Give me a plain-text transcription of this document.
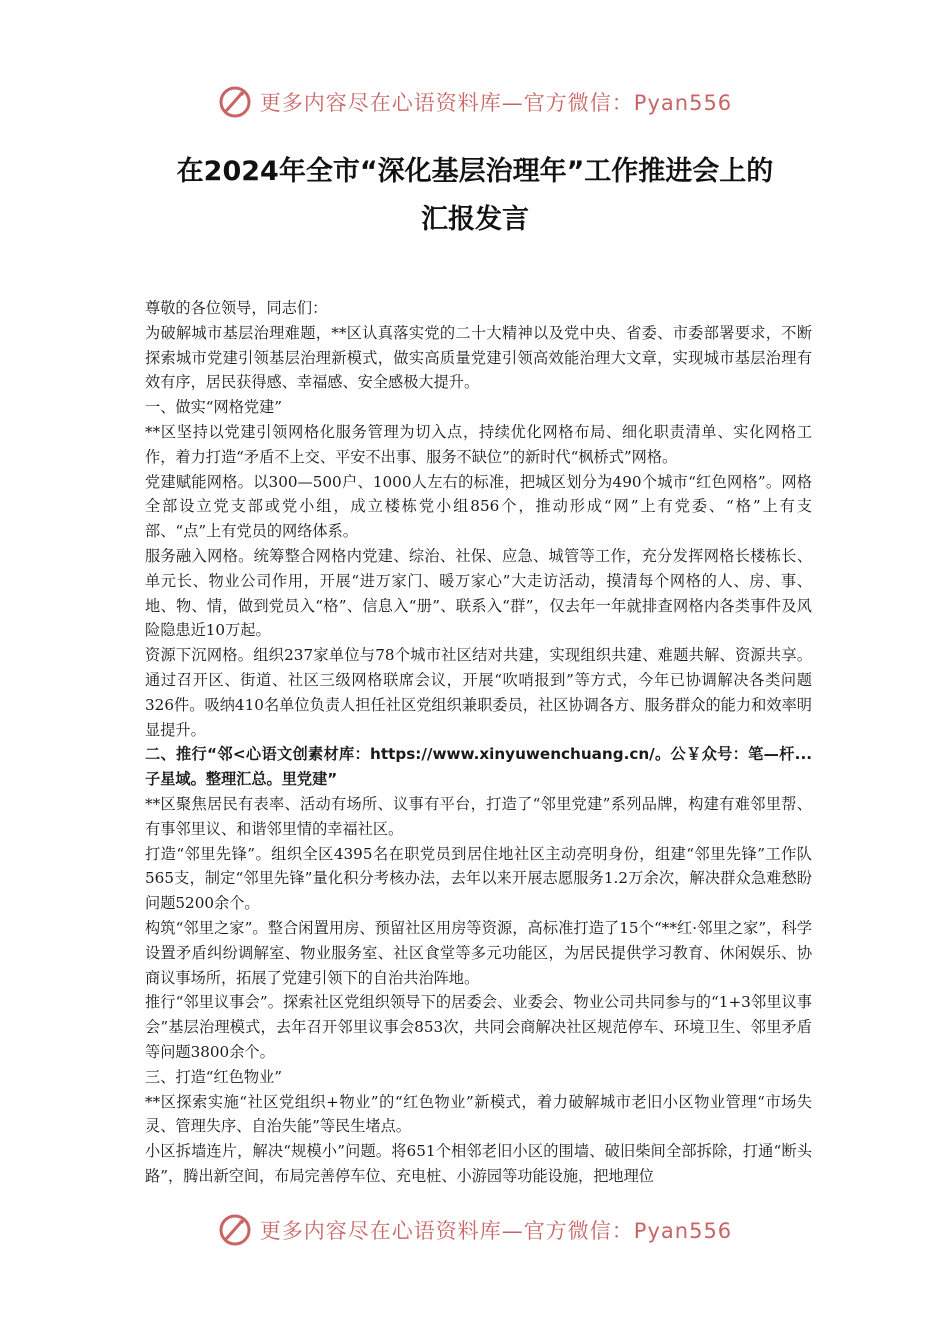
更多内容尽在心语资料库—官方微信：Pyan556
在2024年全市“深化基层治理年”工作推进会上的
汇报发言

尊敬的各位领导，同志们：

为破解城市基层治理难题，**区认真落实党的二十大精神以及党中央、省委、市委部署要求，不断探索城市党建引领基层治理新模式，做实高质量党建引领高效能治理大文章，实现城市基层治理有效有序，居民获得感、幸福感、安全感极大提升。

一、做实“网格党建”

**区坚持以党建引领网格化服务管理为切入点，持续优化网格布局、细化职责清单、实化网格工作，着力打造“矛盾不上交、平安不出事、服务不缺位”的新时代“枫桥式”网格。

党建赋能网格。以300—500户、1000人左右的标准，把城区划分为490个城市“红色网格”。网格全部设立党支部或党小组，成立楼栋党小组856个，推动形成“网”上有党委、“格”上有支部、“点”上有党员的网络体系。

服务融入网格。统筹整合网格内党建、综治、社保、应急、城管等工作，充分发挥网格长楼栋长、单元长、物业公司作用，开展“进万家门、暖万家心”大走访活动，摸清每个网格的人、房、事、地、物、情，做到党员入“格”、信息入“册”、联系入“群”，仅去年一年就排查网格内各类事件及风险隐患近10万起。

资源下沉网格。组织237家单位与78个城市社区结对共建，实现组织共建、难题共解、资源共享。通过召开区、街道、社区三级网格联席会议，开展“吹哨报到”等方式，今年已协调解决各类问题326件。吸纳410名单位负责人担任社区党组织兼职委员，社区协调各方、服务群众的能力和效率明显提升。

二、推行“邻<心语文创素材库：https://www.xinyuwenchuang.cn/。公￥众号：笔—杆...子星域。整理汇总。里党建”

**区聚焦居民有表率、活动有场所、议事有平台，打造了“邻里党建”系列品牌，构建有难邻里帮、有事邻里议、和谐邻里情的幸福社区。

打造“邻里先锋”。组织全区4395名在职党员到居住地社区主动亮明身份，组建“邻里先锋”工作队565支，制定“邻里先锋”量化积分考核办法，去年以来开展志愿服务1.2万余次，解决群众急难愁盼问题5200余个。

构筑“邻里之家”。整合闲置用房、预留社区用房等资源，高标准打造了15个“**红·邻里之家”，科学设置矛盾纠纷调解室、物业服务室、社区食堂等多元功能区，为居民提供学习教育、休闲娱乐、协商议事场所，拓展了党建引领下的自治共治阵地。

推行“邻里议事会”。探索社区党组织领导下的居委会、业委会、物业公司共同参与的“1+3邻里议事会”基层治理模式，去年召开邻里议事会853次，共同会商解决社区规范停车、环境卫生、邻里矛盾等问题3800余个。

三、打造“红色物业”

**区探索实施“社区党组织+物业”的“红色物业”新模式，着力破解城市老旧小区物业管理“市场失灵、管理失序、自治失能”等民生堵点。

小区拆墙连片，解决“规模小”问题。将651个相邻老旧小区的围墙、破旧柴间全部拆除，打通“断头路”，腾出新空间，布局完善停车位、充电桩、小游园等功能设施，把地理位

更多内容尽在心语资料库—官方微信：Pyan556
